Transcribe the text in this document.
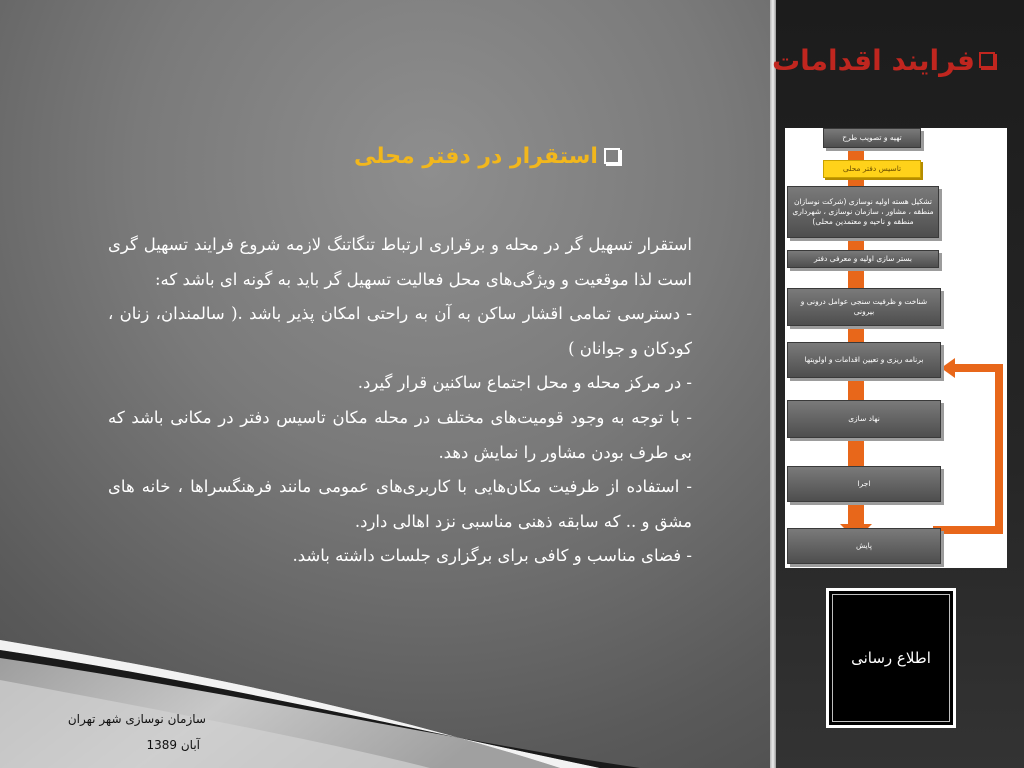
فرایند اقدامات
استقرار در دفتر محلی

استقرار تسهیل گر در محله و برقراری ارتباط تنگاتنگ لازمه شروع فرایند تسهیل گری است لذا موقعیت و ویژگی‌های محل فعالیت تسهیل گر باید به گونه ای باشد که:

- دسترسی تمامی اقشار ساکن به آن به راحتی امکان پذیر باشد .( سالمندان، زنان ، کودکان و جوانان )

- در مرکز محله و محل اجتماع ساکنین قرار گیرد.

- با توجه به وجود قومیت‌های مختلف در محله مکان تاسیس دفتر در مکانی باشد که بی طرف بودن مشاور را نمایش دهد.

- استفاده از ظرفیت مکان‌هایی با کاربری‌های عمومی مانند فرهنگسراها ، خانه های مشق و .. که سابقه ذهنی مناسبی نزد اهالی دارد.

- فضای مناسب و کافی برای برگزاری جلسات داشته باشد.

تهیه و تصویب طرح
تاسیس دفتر محلی
تشکیل هسته اولیه نوسازی (شرکت نوسازان منطقه ، مشاور ، سازمان نوسازی ، شهرداری منطقه و ناحیه و معتمدین محلی)
بستر سازی اولیه و معرفی دفتر
شناخت و ظرفیت سنجی عوامل درونی و بیرونی
برنامه ریزی و تعیین اقدامات و اولویتها
نهاد سازی
اجرا
پایش
اطلاع رسانی
سازمان نوسازی شهر تهران
آبان 1389
